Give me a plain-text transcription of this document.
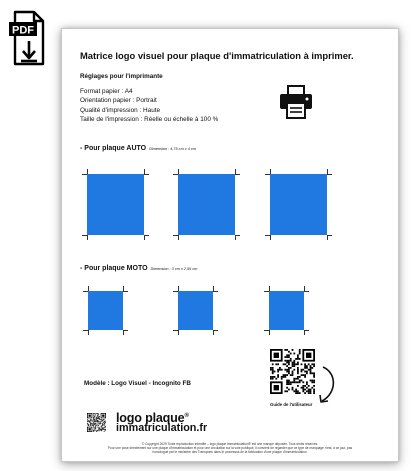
PDF
Matrice logo visuel pour plaque d'immatriculation à imprimer.
Réglages pour l'imprimante
Format papier : A4
Orientation papier : Portrait
Qualité d'impression : Haute
Taille de l'impression : Réelle ou échelle à 100 %
- Pour plaque AUTO Dimension : 4,75 cm x 4 cm
- Pour plaque MOTO Dimension : 3 cm x 2,55 cm
Modèle : Logo Visuel - Incognito FB
Guide de l'utilisateur
logo plaque®
immatriculation.fr
© Copyright 2025 Toute reproduction interdite – logo plaque immatriculation® est une marque déposée. Tous droits réservés.
Pour une pose directement sur une plaque d'immatriculation et pour une circulation sur la voie publique, il convient de regarder que ce type de marquage n'est, à ce jour, pas
homologué par le ministère des Transports dans le processus de la fabrication d'une plaque d'immatriculation.
